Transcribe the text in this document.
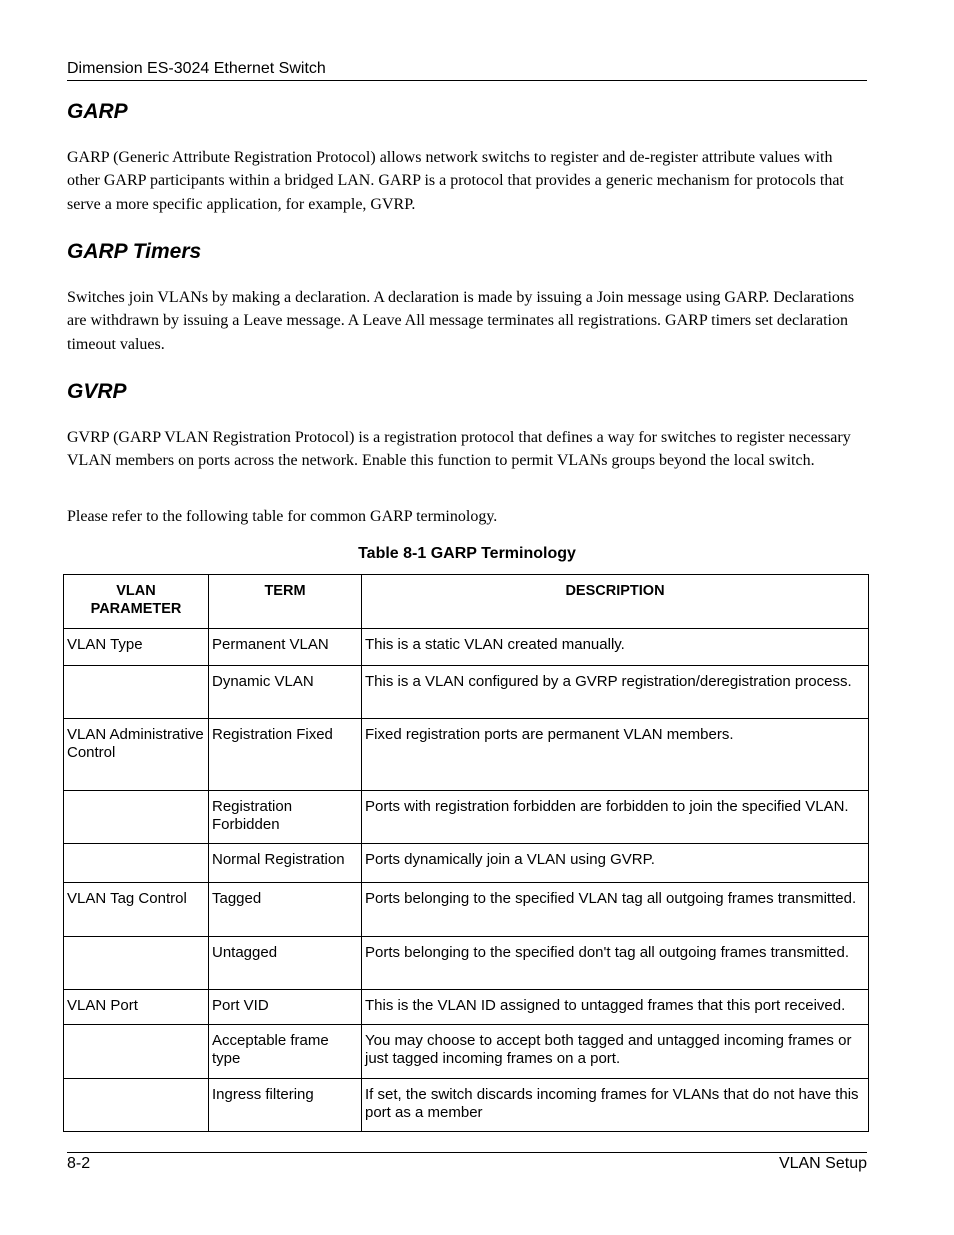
Dimension ES-3024 Ethernet Switch
GARP

GARP (Generic Attribute Registration Protocol) allows network switchs to register and de-register attribute values with other GARP participants within a bridged LAN. GARP is a protocol that provides a generic mechanism for protocols that serve a more specific application, for example, GVRP.

GARP Timers

Switches join VLANs by making a declaration. A declaration is made by issuing a Join message using GARP. Declarations are withdrawn by issuing a Leave message. A Leave All message terminates all registrations. GARP timers set declaration timeout values.

GVRP

GVRP (GARP VLAN Registration Protocol) is a registration protocol that defines a way for switches to register necessary VLAN members on ports across the network. Enable this function to permit VLANs groups beyond the local switch.

Please refer to the following table for common GARP terminology.

Table 8-1 GARP Terminology
VLAN PARAMETER	TERM	DESCRIPTION
VLAN Type	Permanent VLAN	This is a static VLAN created manually.
	Dynamic VLAN	This is a VLAN configured by a GVRP registration/deregistration process.
VLAN Administrative Control	Registration Fixed	Fixed registration ports are permanent VLAN members.
	Registration Forbidden	Ports with registration forbidden are forbidden to join the specified VLAN.
	Normal Registration	Ports dynamically join a VLAN using GVRP.
VLAN Tag Control	Tagged	Ports belonging to the specified VLAN tag all outgoing frames transmitted.
	Untagged	Ports belonging to the specified don't tag all outgoing frames transmitted.
VLAN Port	Port VID	This is the VLAN ID assigned to untagged frames that this port received.
	Acceptable frame type	You may choose to accept both tagged and untagged incoming frames or just tagged incoming frames on a port.
	Ingress filtering	If set, the switch discards incoming frames for VLANs that do not have this port as a member
8-2	VLAN Setup
